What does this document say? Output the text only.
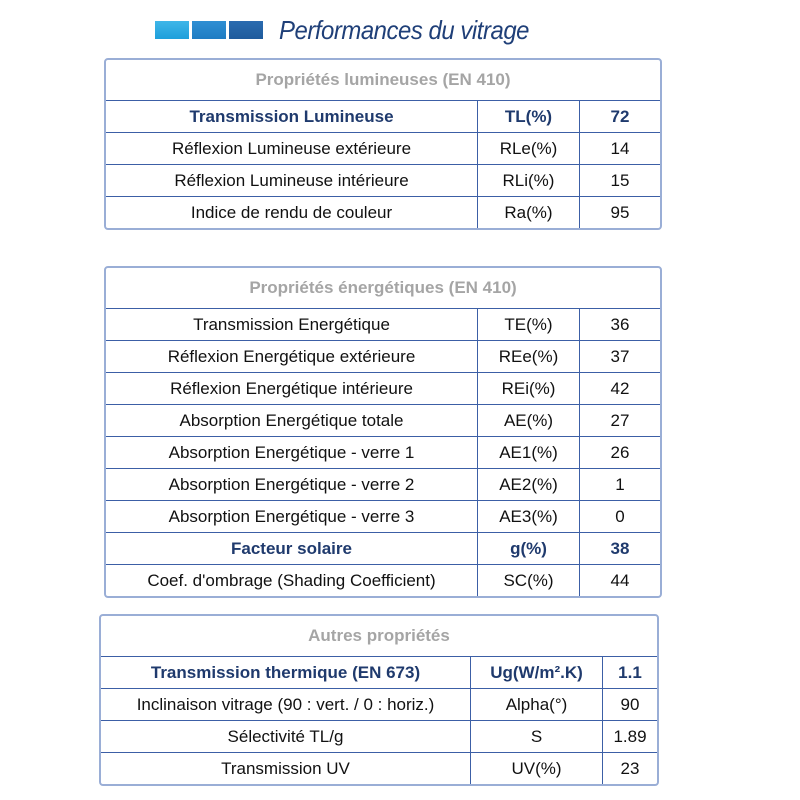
Performances du vitrage
Propriétés lumineuses (EN 410)		
Transmission Lumineuse	TL(%)	72
Réflexion Lumineuse extérieure	RLe(%)	14
Réflexion Lumineuse intérieure	RLi(%)	15
Indice de rendu de couleur	Ra(%)	95
Propriétés énergétiques (EN 410)		
Transmission Energétique	TE(%)	36
Réflexion Energétique extérieure	REe(%)	37
Réflexion Energétique intérieure	REi(%)	42
Absorption Energétique totale	AE(%)	27
Absorption Energétique - verre 1	AE1(%)	26
Absorption Energétique - verre 2	AE2(%)	1
Absorption Energétique - verre 3	AE3(%)	0
Facteur solaire	g(%)	38
Coef. d'ombrage (Shading Coefficient)	SC(%)	44
Autres propriétés		
Transmission thermique (EN 673)	Ug(W/m².K)	1.1
Inclinaison vitrage (90 : vert. / 0 : horiz.)	Alpha(°)	90
Sélectivité TL/g	S	1.89
Transmission UV	UV(%)	23
